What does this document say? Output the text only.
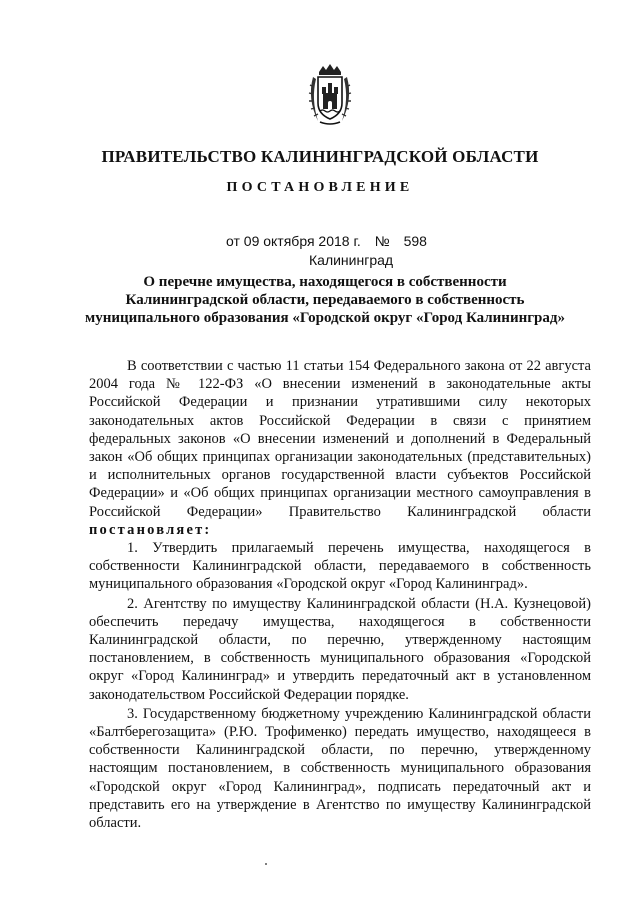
ПРАВИТЕЛЬСТВО КАЛИНИНГРАДСКОЙ ОБЛАСТИ
ПОСТАНОВЛЕНИЕ
от 09 октября 2018 г. № 598
Калининград
О перечне имущества, находящегося в собственности
Калининградской области, передаваемого в собственность
муниципального образования «Городской округ «Город Калининград»

В соответствии с частью 11 статьи 154 Федерального закона от 22 августа 2004 года № 122-ФЗ «О внесении изменений в законодательные акты Российской Федерации и признании утратившими силу некоторых законодательных актов Российской Федерации в связи с принятием федеральных законов «О внесении изменений и дополнений в Федеральный закон «Об общих принципах организации законодательных (представительных) и исполнительных органов государственной власти субъектов Российской Федерации» и «Об общих принципах организации местного самоуправления в Российской Федерации» Правительство Калининградской области постановляет:

1. Утвердить прилагаемый перечень имущества, находящегося в собственности Калининградской области, передаваемого в собственность муниципального образования «Городской округ «Город Калининград».

2. Агентству по имуществу Калининградской области (Н.А. Кузнецовой) обеспечить передачу имущества, находящегося в собственности Калининградской области, по перечню, утвержденному настоящим постановлением, в собственность муниципального образования «Городской округ «Город Калининград» и утвердить передаточный акт в установленном законодательством Российской Федерации порядке.

3. Государственному бюджетному учреждению Калининградской области «Балтберегозащита» (Р.Ю. Трофименко) передать имущество, находящееся в собственности Калининградской области, по перечню, утвержденному настоящим постановлением, в собственность муниципального образования «Городской округ «Город Калининград», подписать передаточный акт и представить его на утверждение в Агентство по имуществу Калининградской области.
